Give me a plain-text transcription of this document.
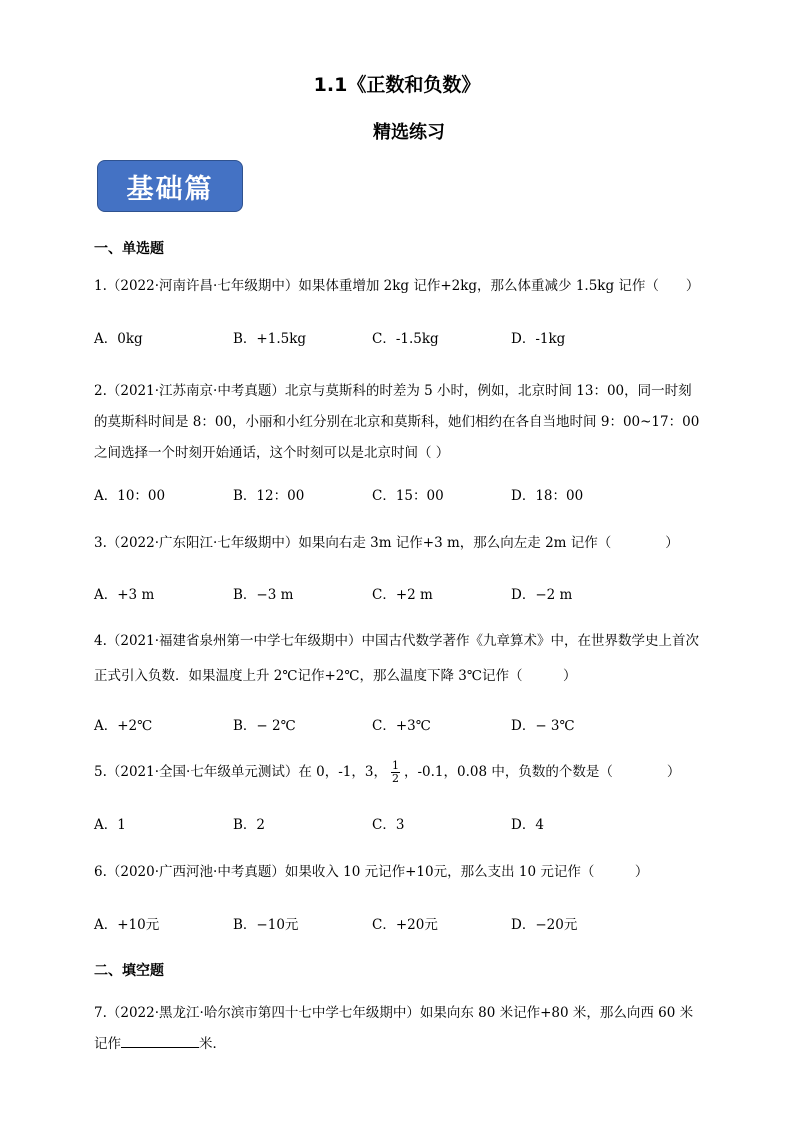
1.1《正数和负数》
精选练习
基础篇
一、单选题
1.（2022·河南许昌·七年级期中）如果体重增加 2kg 记作+2kg，那么体重减少 1.5kg 记作（　　）
A．0kg	B．+1.5kg	C．-1.5kg	D．-1kg
2.（2021·江苏南京·中考真题）北京与莫斯科的时差为 5 小时，例如，北京时间 13：00，同一时刻的莫斯科时间是 8：00，小丽和小红分别在北京和莫斯科，她们相约在各自当地时间 9：00~17：00之间选择一个时刻开始通话，这个时刻可以是北京时间（ ）
A．10：00	B．12：00	C．15：00	D．18：00
3.（2022·广东阳江·七年级期中）如果向右走 3m 记作+3 m，那么向左走 2m 记作（　　　　）
A．+3 m	B．−3 m	C．+2 m	D．−2 m
4.（2021·福建省泉州第一中学七年级期中）中国古代数学著作《九章算术》中，在世界数学史上首次正式引入负数．如果温度上升 2℃记作+2℃，那么温度下降 3℃记作（　　　）
A．+2℃	B．− 2℃	C．+3℃	D．− 3℃
5.（2021·全国·七年级单元测试）在 0，-1，3， $\frac{1}{2}$ ，-0.1，0.08 中，负数的个数是（　　　　）
A．1	B．2	C．3	D．4
6.（2020·广西河池·中考真题）如果收入 10 元记作+10元，那么支出 10 元记作（　　　）
A．+10元	B．−10元	C．+20元	D．−20元
二、填空题
7.（2022·黑龙江·哈尔滨市第四十七中学七年级期中）如果向东 80 米记作+80 米，那么向西 60 米记作	米．
